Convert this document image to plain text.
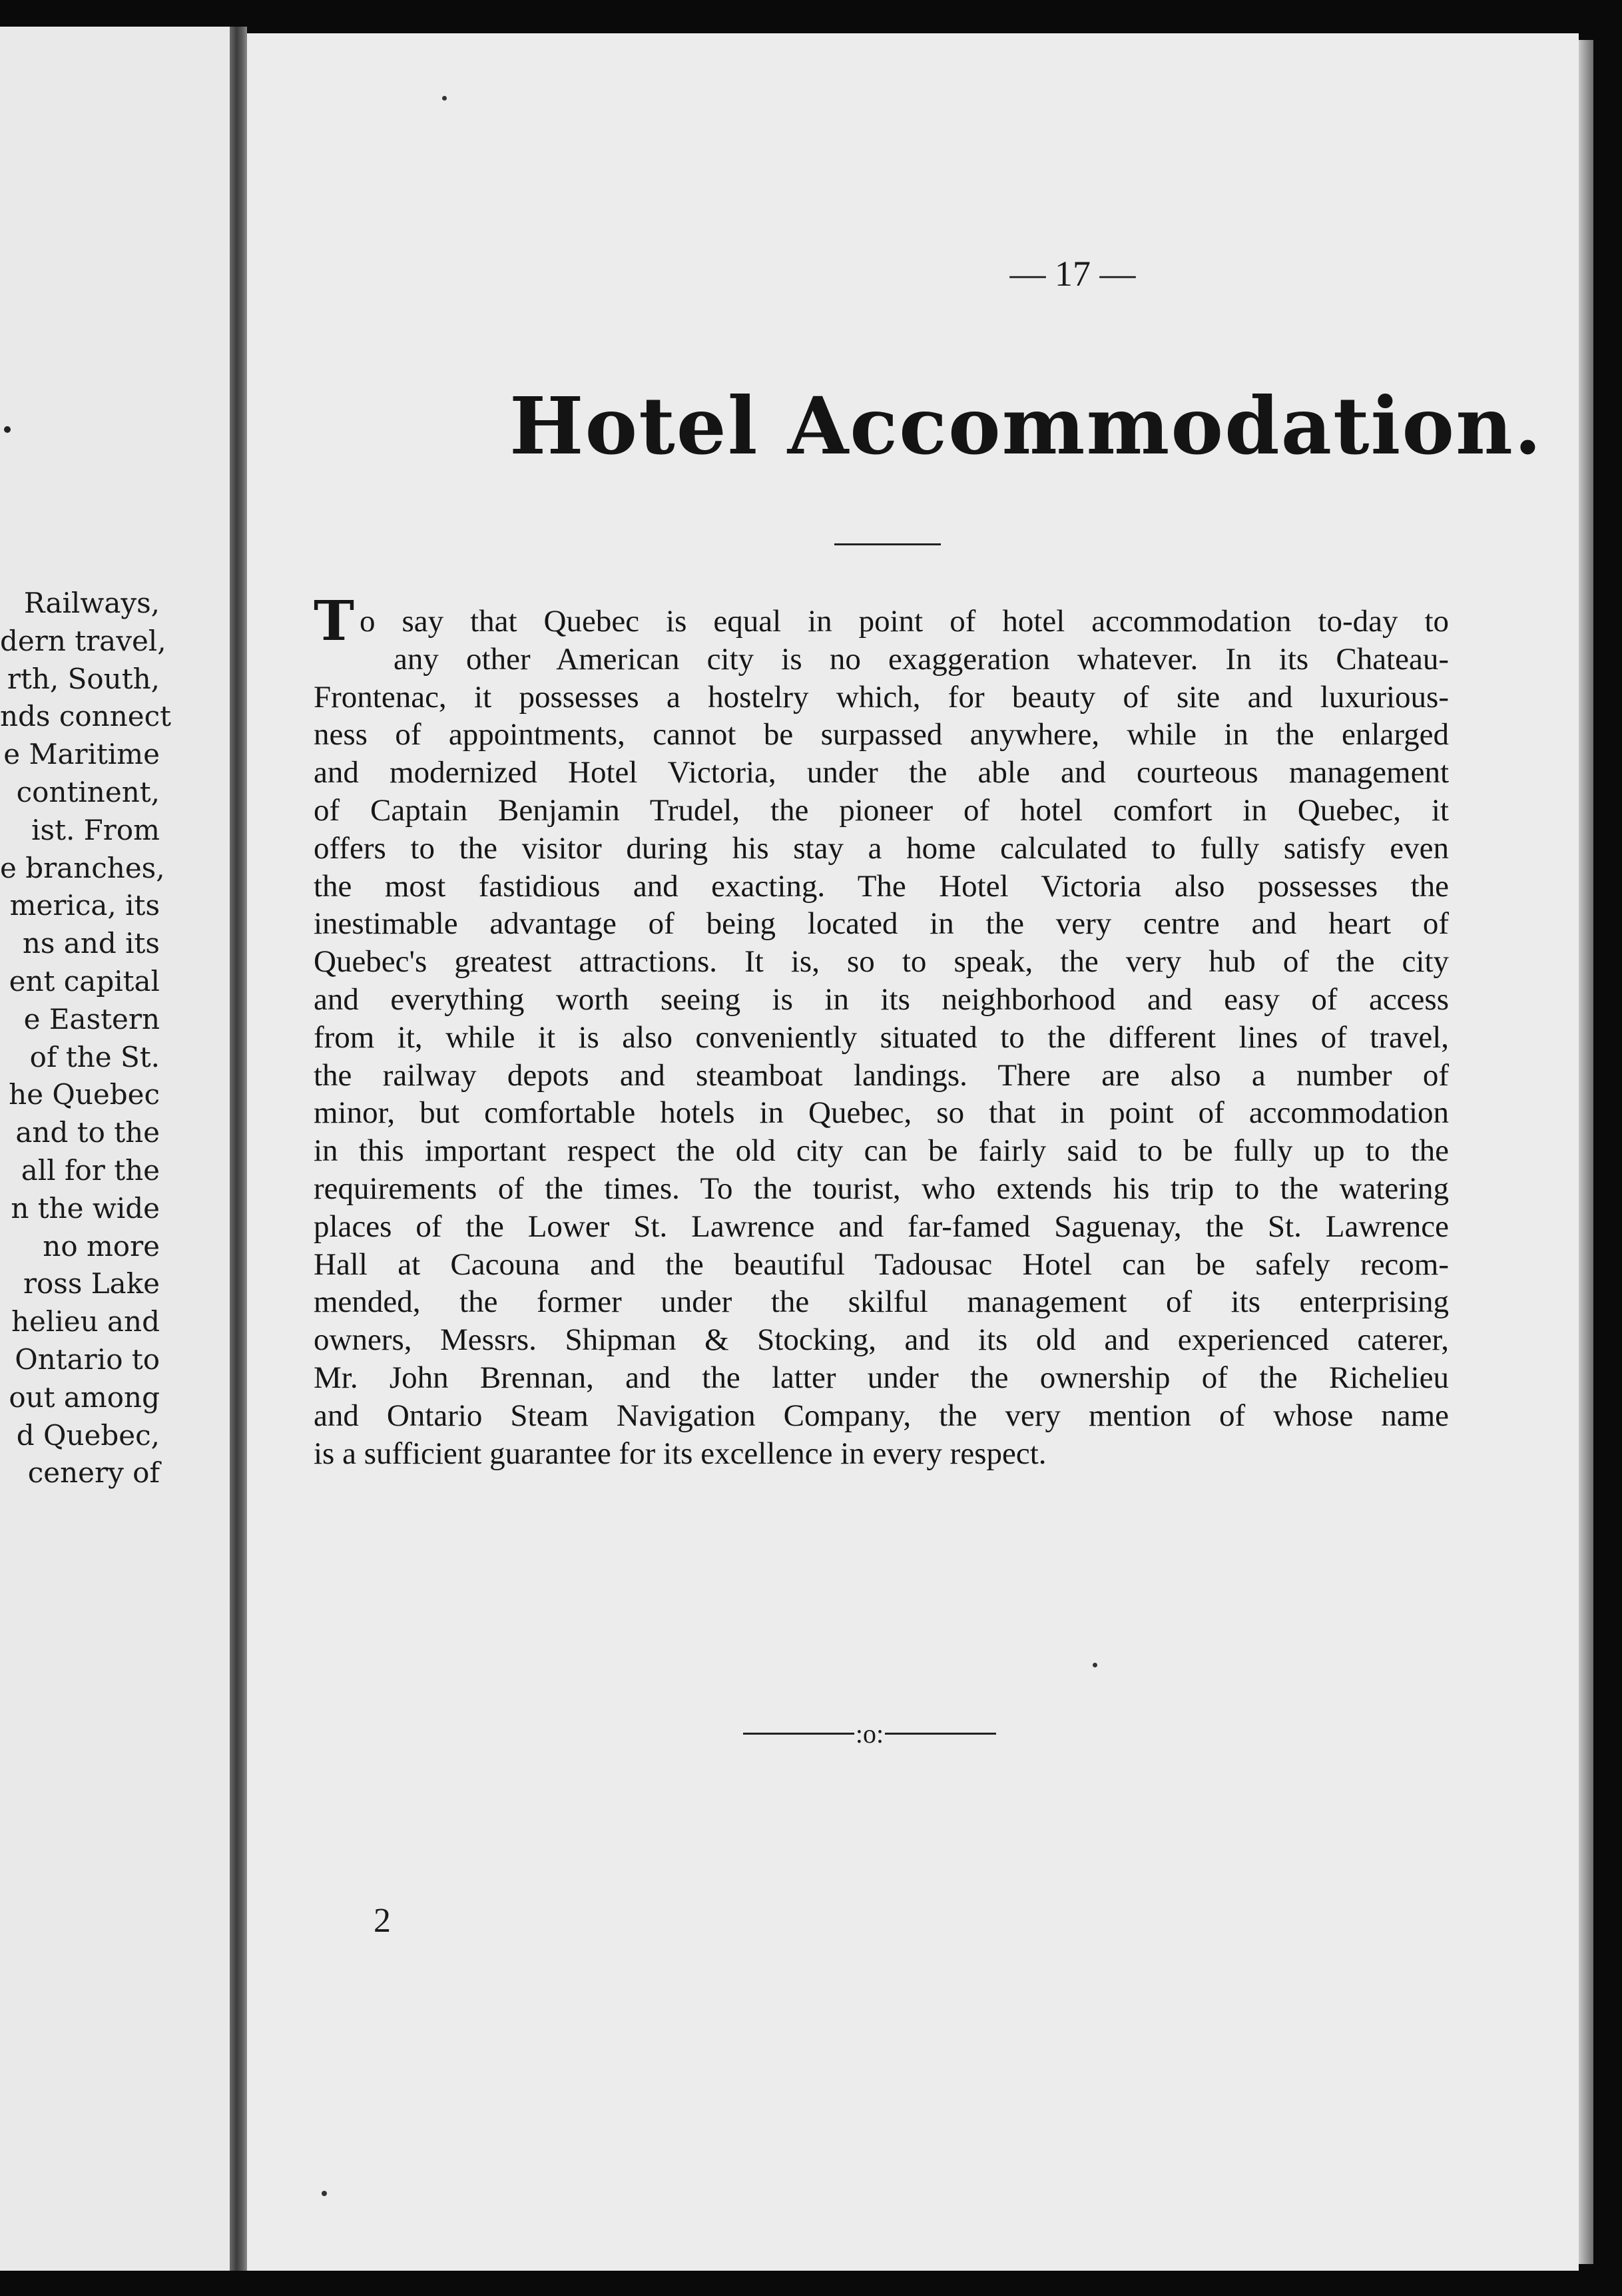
Railways,
dern travel,
rth, South,
nds connect
e Maritime
continent,
ist. From
e branches,
merica, its
ns and its
ent capital
e Eastern
of the St.
he Quebec
and to the
all for the
n the wide
no more
ross Lake
helieu and
Ontario to
out among
d Quebec,
cenery of
— 17 —
Hotel Accommodation.
To say that Quebec is equal in point of hotel accommodation to-day to
any other American city is no exaggeration whatever. In its Chateau-
Frontenac, it possesses a hostelry which, for beauty of site and luxurious-
ness of appointments, cannot be surpassed anywhere, while in the enlarged
and modernized Hotel Victoria, under the able and courteous management
of Captain Benjamin Trudel, the pioneer of hotel comfort in Quebec, it
offers to the visitor during his stay a home calculated to fully satisfy even
the most fastidious and exacting. The Hotel Victoria also possesses the
inestimable advantage of being located in the very centre and heart of
Quebec's greatest attractions. It is, so to speak, the very hub of the city
and everything worth seeing is in its neighborhood and easy of access
from it, while it is also conveniently situated to the different lines of travel,
the railway depots and steamboat landings. There are also a number of
minor, but comfortable hotels in Quebec, so that in point of accommodation
in this important respect the old city can be fairly said to be fully up to the
requirements of the times. To the tourist, who extends his trip to the watering
places of the Lower St. Lawrence and far-famed Saguenay, the St. Lawrence
Hall at Cacouna and the beautiful Tadousac Hotel can be safely recom-
mended, the former under the skilful management of its enterprising
owners, Messrs. Shipman & Stocking, and its old and experienced caterer,
Mr. John Brennan, and the latter under the ownership of the Richelieu
and Ontario Steam Navigation Company, the very mention of whose name
is a sufficient guarantee for its excellence in every respect.
:o:
2
